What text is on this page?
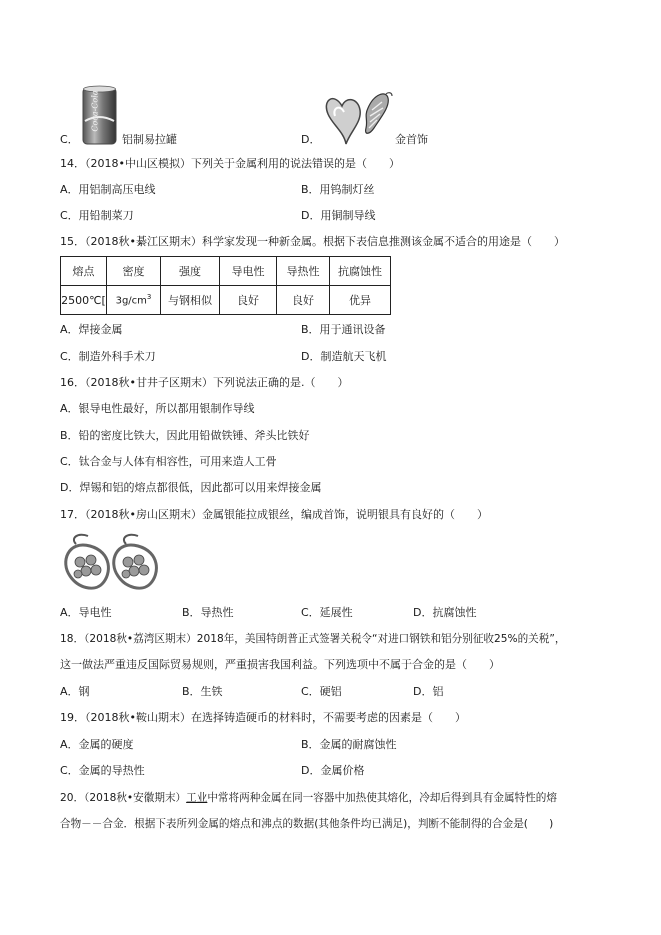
Coca-Cola
C．	铝制易拉罐	D．	金首饰
14．（2018•中山区模拟）下列关于金属利用的说法错误的是（　　）
A．用铝制高压电线	B．用钨制灯丝
C．用铅制菜刀	D．用铜制导线
15．（2018秋•綦江区期末）科学家发现一种新金属。根据下表信息推测该金属不适合的用途是（　　）
熔点	密度	强度	导电性	导热性	抗腐蚀性
2500℃[	$3g/cm^3$	与钢相似	良好	良好	优异
A．焊接金属	B．用于通讯设备
C．制造外科手术刀	D．制造航天飞机
16．（2018秋•甘井子区期末）下列说法正确的是.（　　）
A．银导电性最好，所以都用银制作导线
B．铅的密度比铁大，因此用铅做铁锤、斧头比铁好
C．钛合金与人体有相容性，可用来造人工骨
D．焊锡和铝的熔点都很低，因此都可以用来焊接金属
17．（2018秋•房山区期末）金属银能拉成银丝，编成首饰，说明银具有良好的（　　）
A．导电性	B．导热性	C．延展性	D．抗腐蚀性
18．（2018秋•荔湾区期末）2018年，美国特朗普正式签署关税令“对进口钢铁和铝分别征收25%的关税”，
这一做法严重违反国际贸易规则，严重损害我国利益。下列选项中不属于合金的是（　　）
A．钢	B．生铁	C．硬铝	D．铝
19．（2018秋•鞍山期末）在选择铸造硬币的材料时，不需要考虑的因素是（　　）
A．金属的硬度	B．金属的耐腐蚀性
C．金属的导热性	D．金属价格
20．（2018秋•安徽期末）工业中常将两种金属在同一容器中加热使其熔化，冷却后得到具有金属特性的熔
合物－－合金．根据下表所列金属的熔点和沸点的数据(其他条件均已满足)，判断不能制得的合金是(　　)
